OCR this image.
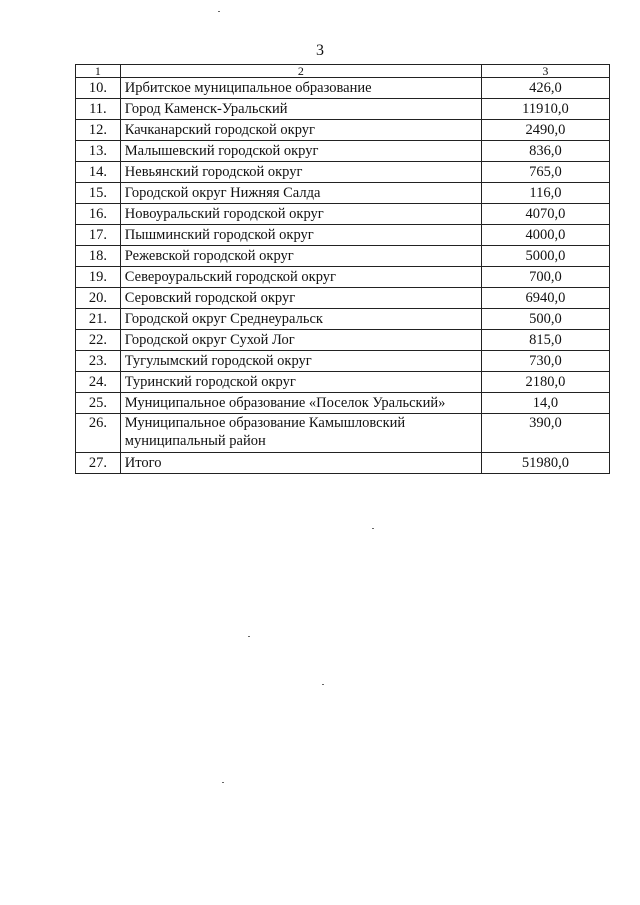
3
1	2	3
10.	Ирбитское муниципальное образование	426,0
11.	Город Каменск-Уральский	11910,0
12.	Качканарский городской округ	2490,0
13.	Малышевский городской округ	836,0
14.	Невьянский городской округ	765,0
15.	Городской округ Нижняя Салда	116,0
16.	Новоуральский городской округ	4070,0
17.	Пышминский городской округ	4000,0
18.	Режевской городской округ	5000,0
19.	Североуральский городской округ	700,0
20.	Серовский городской округ	6940,0
21.	Городской округ Среднеуральск	500,0
22.	Городской округ Сухой Лог	815,0
23.	Тугулымский городской округ	730,0
24.	Туринский городской округ	2180,0
25.	Муниципальное образование «Поселок Уральский»	14,0
26.	Муниципальное образование Камышловский муниципальный район	390,0
27.	Итого	51980,0
